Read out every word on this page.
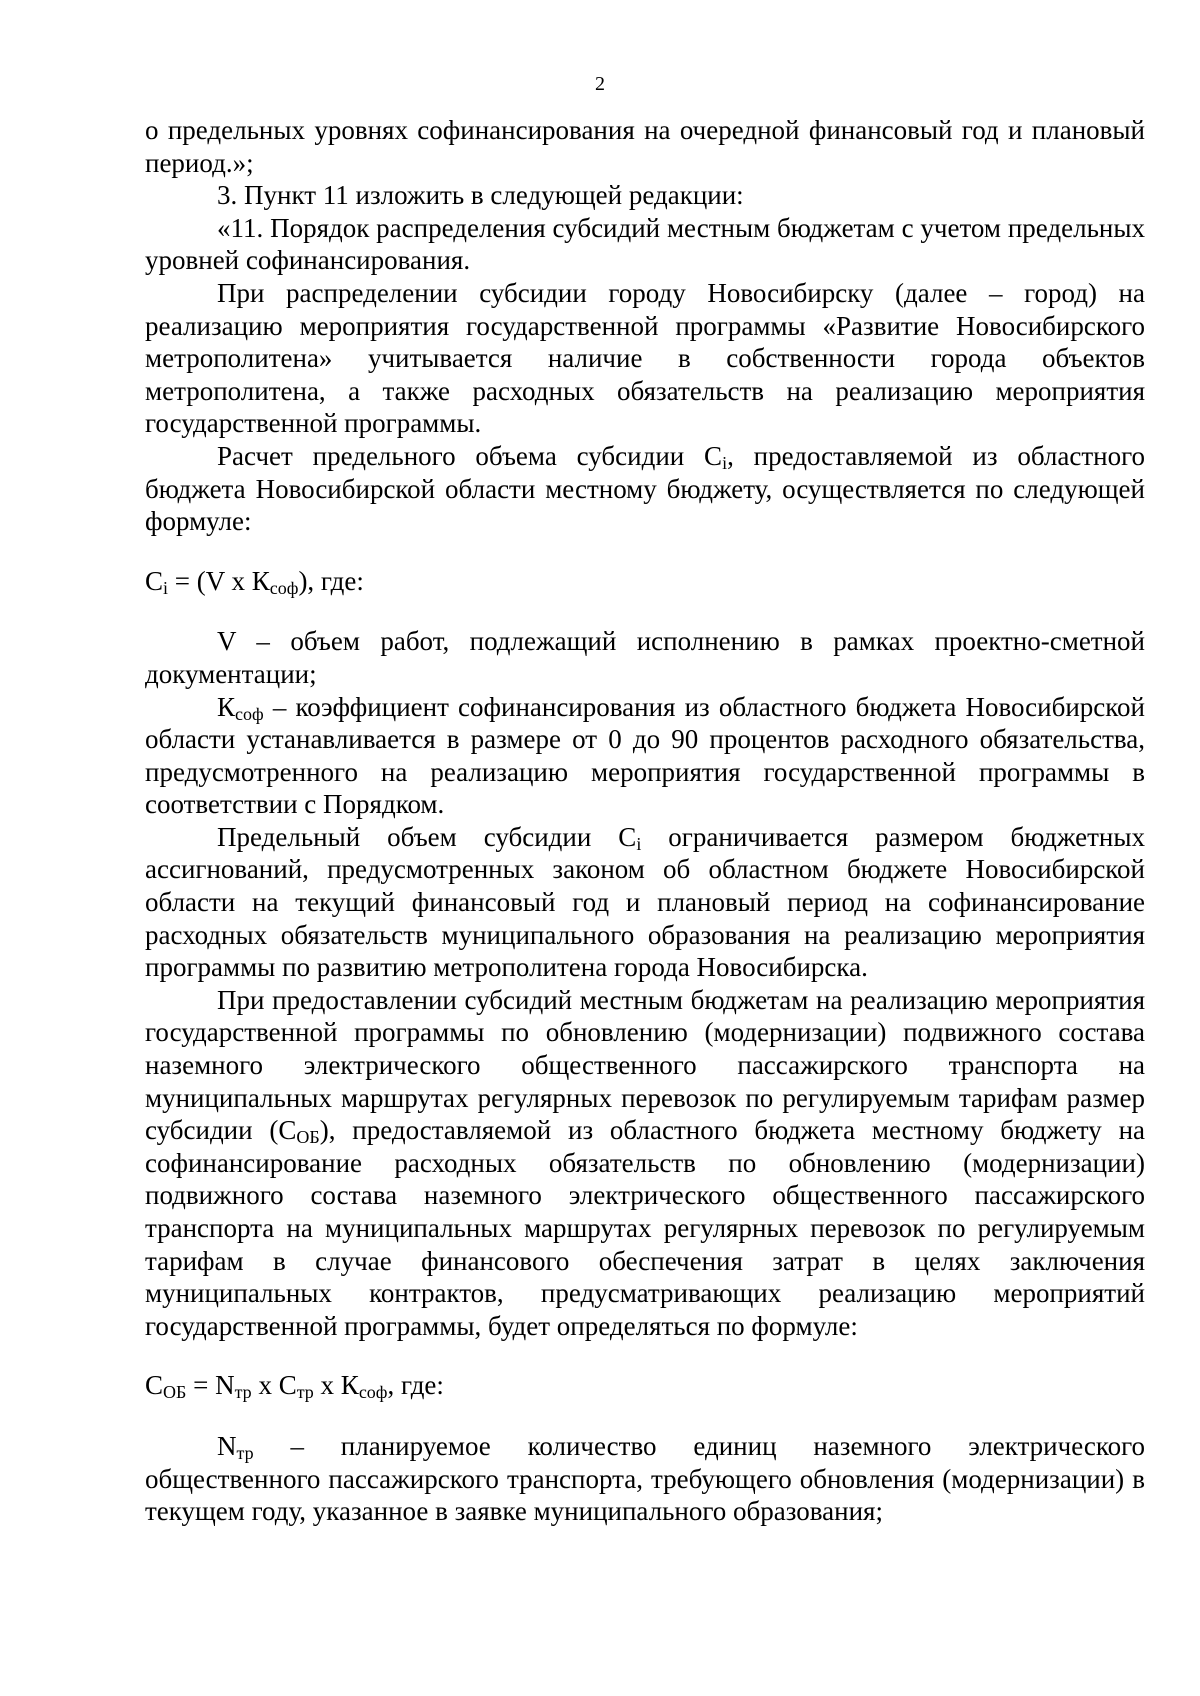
2

о предельных уровнях софинансирования на очередной финансовый год и плановый период.»;

3. Пункт 11 изложить в следующей редакции:

«11. Порядок распределения субсидий местным бюджетам с учетом предельных уровней софинансирования.

При распределении субсидии городу Новосибирску (далее – город) на реализацию мероприятия государственной программы «Развитие Новосибирского метрополитена» учитывается наличие в собственности города объектов метрополитена, а также расходных обязательств на реализацию мероприятия государственной программы.

Расчет предельного объема субсидии $С_i$, предоставляемой из областного бюджета Новосибирской области местному бюджету, осуществляется по следующей формуле:

$С_i = (V$ х $К_{соф}$), где:

V – объем работ, подлежащий исполнению в рамках проектно-сметной документации;

$К_{соф}$ – коэффициент софинансирования из областного бюджета Новосибирской области устанавливается в размере от 0 до 90 процентов расходного обязательства, предусмотренного на реализацию мероприятия государственной программы в соответствии с Порядком.

Предельный объем субсидии $С_i$ ограничивается размером бюджетных ассигнований, предусмотренных законом об областном бюджете Новосибирской области на текущий финансовый год и плановый период на софинансирование расходных обязательств муниципального образования на реализацию мероприятия программы по развитию метрополитена города Новосибирска.

При предоставлении субсидий местным бюджетам на реализацию мероприятия государственной программы по обновлению (модернизации) подвижного состава наземного электрического общественного пассажирского транспорта на муниципальных маршрутах регулярных перевозок по регулируемым тарифам размер субсидии $(С_{ОБ})$, предоставляемой из областного бюджета местному бюджету на софинансирование расходных обязательств по обновлению (модернизации) подвижного состава наземного электрического общественного пассажирского транспорта на муниципальных маршрутах регулярных перевозок по регулируемым тарифам в случае финансового обеспечения затрат в целях заключения муниципальных контрактов, предусматривающих реализацию мероприятий государственной программы, будет определяться по формуле:

$С_{ОБ} = N_{тр}$ х $С_{тр}$ х $К_{соф}$, где:

$N_{тр}$ – планируемое количество единиц наземного электрического общественного пассажирского транспорта, требующего обновления (модернизации) в текущем году, указанное в заявке муниципального образования;
